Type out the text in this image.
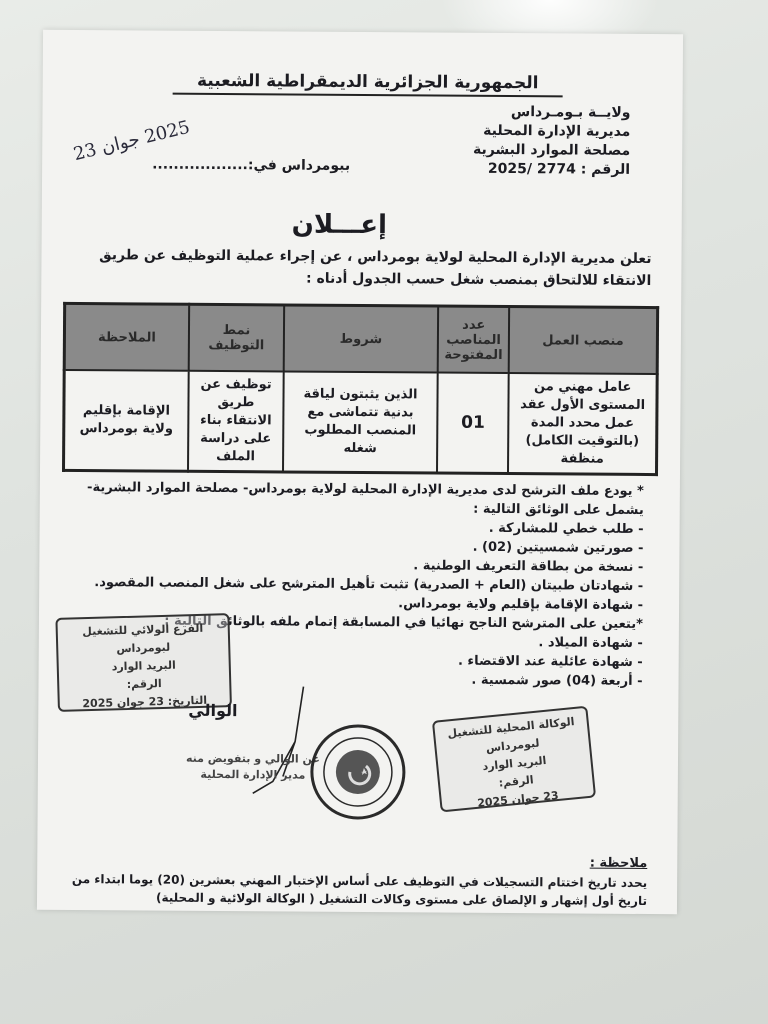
الجمهورية الجزائرية الديمقراطية الشعبية
ولايــة بـومـرداس
مديرية الإدارة المحلية
مصلحة الموارد البشرية
الرقم : 2774 /2025
2025 جوان 23
ببومرداس في:..................
إعـــلان
تعلن مديرية الإدارة المحلية لولاية بومرداس ، عن إجراء عملية التوظيف عن طريق الانتقاء للالتحاق بمنصب شغل حسب الجدول أدناه :
منصب العمل	عدد المناصب المفتوحة	شروط	نمط التوظيف	الملاحظة
عامل مهني من المستوى الأول عقد عمل محدد المدة (بالتوقيت الكامل) منظفة	01	الذين يثبتون لياقة بدنية تتماشى مع المنصب المطلوب شغله	توظيف عن طريق الانتقاء بناء على دراسة الملف	الإقامة بإقليم ولاية بومرداس
* يودع ملف الترشح لدى مديرية الإدارة المحلية لولاية بومرداس- مصلحة الموارد البشرية- يشمل على الوثائق التالية :
- طلب خطي للمشاركة .
- صورتين شمسيتين (02) .
- نسخة من بطاقة التعريف الوطنية .
- شهادتان طبيتان (العام + الصدرية) تثبت تأهيل المترشح على شغل المنصب المقصود.
- شهادة الإقامة بإقليم ولاية بومرداس.
*يتعين على المترشح الناجح نهائيا في المسابقة إتمام ملفه بالوثائق التالية :
- شهادة الميلاد .
- شهادة عائلية عند الاقتضاء .
- أربعة (04) صور شمسية .
الفرع الولائي للتشغيل لبومرداس
البريد الوارد
الرقم:
التاريخ: 23 جوان 2025
الوالي
عن الوالي و بتفويض منه
مدير الإدارة المحلية
الوكالة المحلية للتشغيل لبومرداس
البريد الوارد
الرقم:
23 جوان 2025
ملاحظة :
يحدد تاريخ اختتام التسجيلات في التوظيف على أساس الإختبار المهني بعشرين (20) يوما ابتداء من تاريخ أول إشهار و الإلصاق على مستوى وكالات التشغيل ( الوكالة الولائية و المحلية)
